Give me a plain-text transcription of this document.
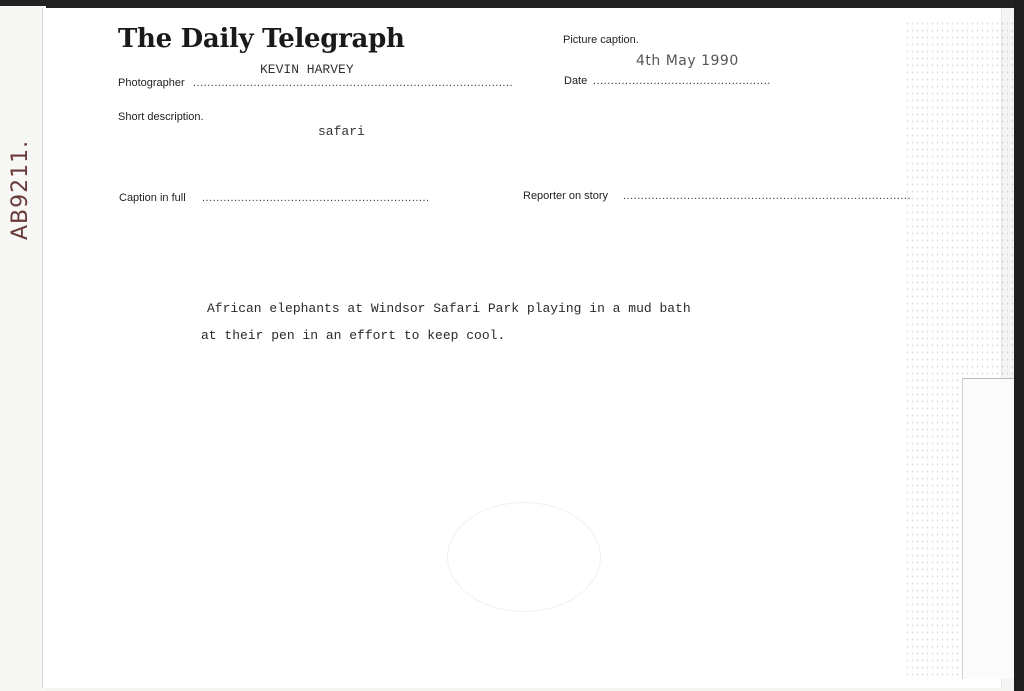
AB9211.
The Daily Telegraph
Photographer ..........................................................................................
KEVIN HARVEY
Picture caption.
4th May 1990
Date ..................................................
Short description.
safari
Caption in full ................................................................	Reporter on story .................................................................................
African elephants at Windsor Safari Park playing in a mud bath
at their pen in an effort to keep cool.
